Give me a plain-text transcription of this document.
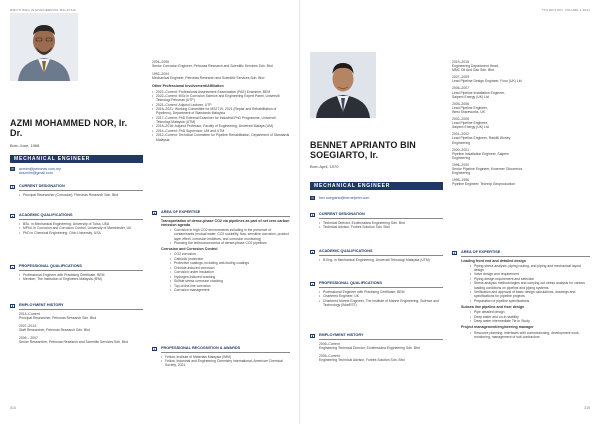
WHO'S WHO IN ENGINEERING MALAYSIA
AZMI MOHAMMED NOR, Ir. Dr.
Born June, 1968
MECHANICAL ENGINEER
✉ azmim@petronas.com.my
drazmim@gmail.com
■	CURRENT DESIGNATION
• Principal Researcher (Corrosion), Petronas Research Sdn. Bhd
▲	ACADEMIC QUALIFICATIONS
• BSc. in Mechanical Engineering, University of Tulsa, USA
• MPhil. in Corrosion and Corrosion Control, University of Manchester, UK
• PhD in Chemical Engineering, Ohio University, USA
●	PROFESSIONAL QUALIFICATIONS
• Professional Engineer with Practising Certificate, BEM
• Member, The Institution of Engineers Malaysia (IEM)
▮	EMPLOYMENT HISTORY
2014–Current
Principal Researcher, Petronas Research Sdn. Bhd
2007–2014
Staff Researcher, Petronas Research Sdn. Bhd
2006 – 2007
Senior Researcher, Petronas Research and Scientific Services Sdn. Bhd
2004–2006
Senior Corrosion Engineer, Petronas Research and Scientific Services Sdn. Bhd
1992–2004
Mechanical Engineer, Petronas Research and Scientific Services Sdn. Bhd
Other Professional Involvement/Affiliation
• 2022–Current: Professional Assessment Examination (PAE) Examiner, BEM
• 2022–Current: MSc in Corrosion Science and Engineering Expert Panel, Universiti Teknologi Petronas (UTP)
• 2021–Current: Adjunct Lecturer, UTP
• 2018–2021: Working Committee for MS2719, 2021 (Repair and Rehabilitation of Pipelines), Department of Standards Malaysia
• 2017–Current: PhD External Examiner for Industrial PhD Programme, Universiti Teknologi Malaysia (UTM)
• 2015–2018: Adjunct Professor, Faculty of Engineering, Universiti Malaya (UM)
• 2014–Current: PhD Supervisor, UM and UTM
• 2012–Current: Technical Committee for Pipeline Rehabilitation, Department of Standards Malaysia
★	AREA OF EXPERTISE
Transportation of dense-phase CO2 via pipelines as part of net zero carbon emission agenda
• Corrosion in high CO2 environments including in the presence of contaminants (mutual water, CO2 solubility, flow, sensitive corrosion, product layer effect, corrosion inhibitors, and corrosion monitoring)
• Planning the technoeconomics of dense-phase CO2 pipelines
Corrosion and Corrosion Control
• CO2 corrosion
• Cathodic protection
• Protective coatings, including anti-fouling coatings
• Chloride-induced corrosion
• Corrosion under insulation
• Hydrogen-induced cracking
• Sulfide stress corrosion cracking
• Top-of-the-line corrosion
• Corrosion management
✦	PROFESSIONAL RECOGNITION & AWARDS
• Fellow, Institute of Materials Malaysia (IMM)
• Fellow, Industrial and Engineering Chemistry International, American Chemical Society, 2021
314
7TH EDITION, VOLUME 1 2024
BENNET APRIANTO BIN SOEGIARTO, Ir.
Born April, 1970
MECHANICAL ENGINEER
✉ ben.soegiarto@bernetpmh.com
■	CURRENT DESIGNATION
• Technical Director, Ecothreadea Engineering Sdn. Bhd
• Technical Advisor, Forbes Solution Sdn. Bhd
▲	ACADEMIC QUALIFICATIONS
• B.Eng. in Mechanical Engineering, Universiti Teknologi Malaysia (UTM)
●	PROFESSIONAL QUALIFICATIONS
• Professional Engineer with Practising Certificate, BEM
• Chartered Engineer, UK
• Chartered Marine Engineer, The Institute of Marine Engineering, Science and Technology (IMarEST)
▮	EMPLOYMENT HISTORY
2006–Current
Engineering Technical Director, Ecothreadea Engineering Sdn. Bhd
2005–Current
Engineering Technical Advisor, Forbes Solution Sdn. Bhd
2019–2015
Engineering Department Head,
MMC Oil And Gas Sdn. Bhd
2007–2009
Lead Pipeline Design Engineer, Foon (UK) Ltd
2006–2007
Lead Pipeline Installation Engineer,
Saipem Energy (UK) Ltd
2005–2006
Lead Pipeline Engineer,
West Shareworks, UK
2002–2005
Lead Pipeline Engineer,
Saipem Energy (UK) Ltd
2001–2002
Lead Pipeline Engineer, Ramlill Worley
Engineering
2000–2001
Pipeline Installation Engineer, Saipem
Engineering
1996–2000
Senior Pipeline Engineer, Kvaerner Oilcomnics
Engineering
1995–1996
Pipeline Engineer, Technip Geoproduction
★	AREA OF EXPERTISE
Leading front end and detailed design
• Piping stress analysis, piping routing, and piping and mechanical layout design
• Valve design and requirement
• Piping design requirement and selection
• Stress analysis methodologies and carrying out stress analysis for various loading conditions on pipeline and piping systems
• Verification and approval of basic design calculations, drawings and specifications for pipeline projects
• Preparation of pipeline specifications
Subsea line pipeline and riser design
• Pipe detailed design
• Deep water and on-in stability
• Deep water intermediate Tie-in Study
Project management/engineering manager
• Resource planning, interfaces with commissioning, development work, monitoring, management of sub-contractors
315
